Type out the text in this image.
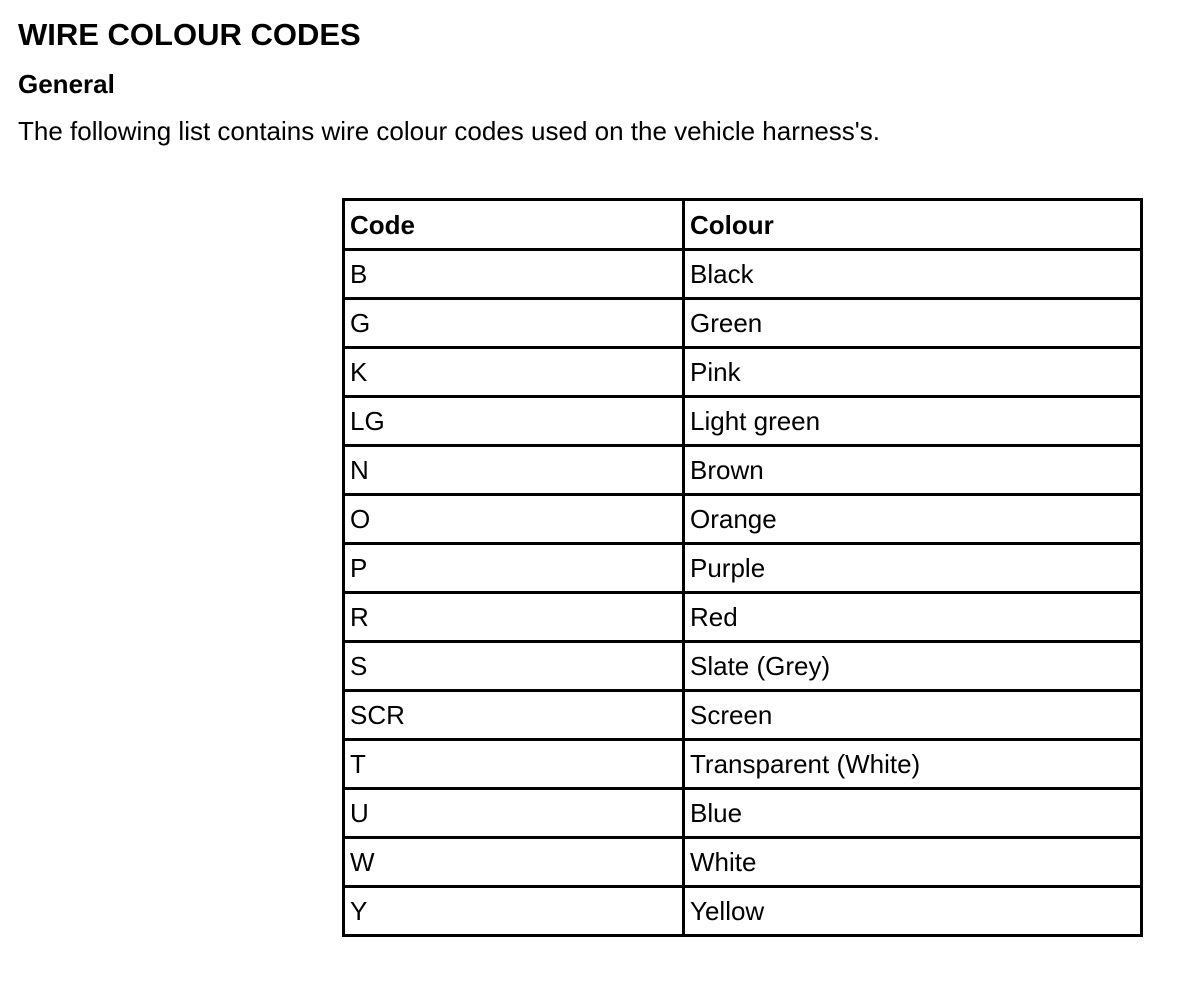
WIRE COLOUR CODES
General

The following list contains wire colour codes used on the vehicle harness's.

Code	Colour
B	Black
G	Green
K	Pink
LG	Light green
N	Brown
O	Orange
P	Purple
R	Red
S	Slate (Grey)
SCR	Screen
T	Transparent (White)
U	Blue
W	White
Y	Yellow
